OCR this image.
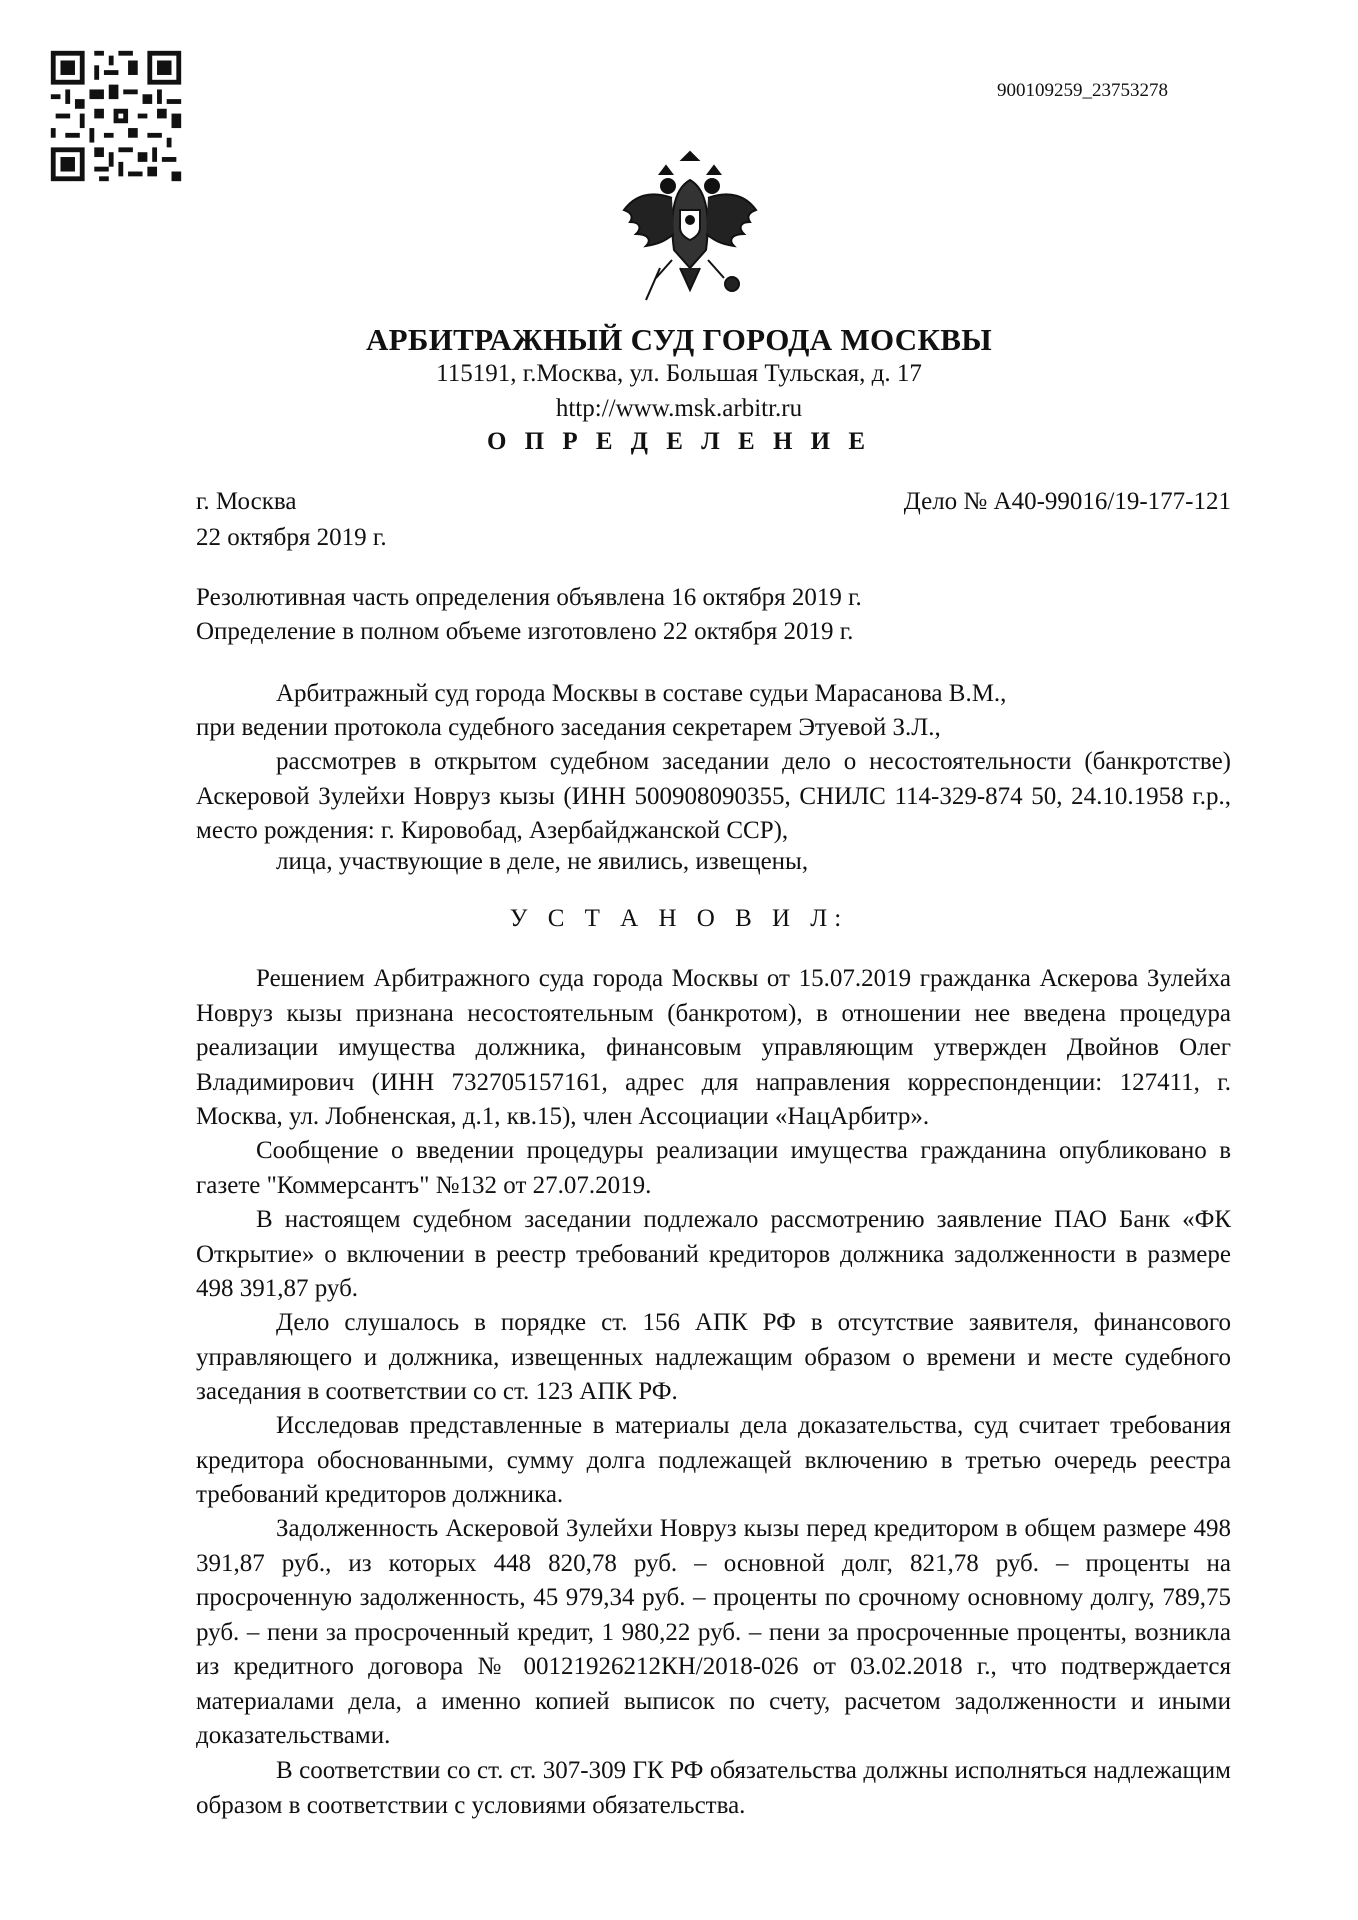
900109259_23753278
АРБИТРАЖНЫЙ СУД ГОРОДА МОСКВЫ
115191, г.Москва, ул. Большая Тульская, д. 17
http://www.msk.arbitr.ru
О П Р Е Д Е Л Е Н И Е
г. Москва	Дело № А40-99016/19-177-121
22 октября 2019 г.
Резолютивная часть определения объявлена 16 октября 2019 г.
Определение в полном объеме изготовлено 22 октября 2019 г.
Арбитражный суд города Москвы в составе судьи Марасанова В.М.,
при ведении протокола судебного заседания секретарем Этуевой З.Л.,
рассмотрев в открытом судебном заседании дело о несостоятельности (банкротстве) Аскеровой Зулейхи Новруз кызы (ИНН 500908090355, СНИЛС 114-329-874 50, 24.10.1958 г.р., место рождения: г. Кировобад, Азербайджанской ССР),
лица, участвующие в деле, не явились, извещены,
У С Т А Н О В И Л:
Решением Арбитражного суда города Москвы от 15.07.2019 гражданка Аскерова Зулейха Новруз кызы признана несостоятельным (банкротом), в отношении нее введена процедура реализации имущества должника, финансовым управляющим утвержден Двойнов Олег Владимирович (ИНН 732705157161, адрес для направления корреспонденции: 127411, г. Москва, ул. Лобненская, д.1, кв.15), член Ассоциации «НацАрбитр».
Сообщение о введении процедуры реализации имущества гражданина опубликовано в газете "Коммерсантъ" №132 от 27.07.2019.
В настоящем судебном заседании подлежало рассмотрению заявление ПАО Банк «ФК Открытие» о включении в реестр требований кредиторов должника задолженности в размере 498 391,87 руб.
Дело слушалось в порядке ст. 156 АПК РФ в отсутствие заявителя, финансового управляющего и должника, извещенных надлежащим образом о времени и месте судебного заседания в соответствии со ст. 123 АПК РФ.
Исследовав представленные в материалы дела доказательства, суд считает требования кредитора обоснованными, сумму долга подлежащей включению в третью очередь реестра требований кредиторов должника.
Задолженность Аскеровой Зулейхи Новруз кызы перед кредитором в общем размере 498 391,87 руб., из которых 448 820,78 руб. – основной долг, 821,78 руб. – проценты на просроченную задолженность, 45 979,34 руб. – проценты по срочному основному долгу, 789,75 руб. – пени за просроченный кредит, 1 980,22 руб. – пени за просроченные проценты, возникла из кредитного договора № 00121926212КН/2018-026 от 03.02.2018 г., что подтверждается материалами дела, а именно копией выписок по счету, расчетом задолженности и иными доказательствами.
В соответствии со ст. ст. 307-309 ГК РФ обязательства должны исполняться надлежащим образом в соответствии с условиями обязательства.
